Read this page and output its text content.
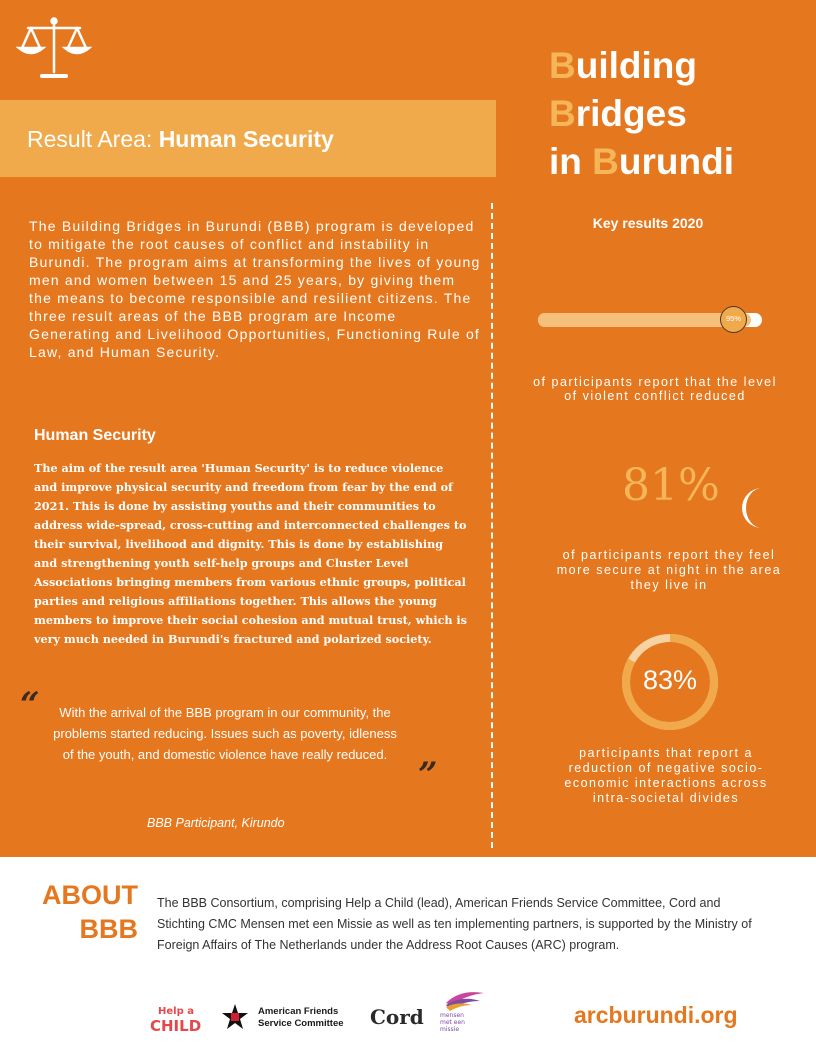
Result Area: Human Security
Building
Bridges
in Burundi
The Building Bridges in Burundi (BBB) program is developed to mitigate the root causes of conflict and instability in Burundi. The program aims at transforming the lives of young men and women between 15 and 25 years, by giving them the means to become responsible and resilient citizens. The three result areas of the BBB program are Income Generating and Livelihood Opportunities, Functioning Rule of Law, and Human Security.
Human Security
The aim of the result area 'Human Security' is to reduce violence and improve physical security and freedom from fear by the end of 2021. This is done by assisting youths and their communities to address wide-spread, cross-cutting and interconnected challenges to their survival, livelihood and dignity. This is done by establishing and strengthening youth self-help groups and Cluster Level Associations bringing members from various ethnic groups, political parties and religious affiliations together. This allows the young members to improve their social cohesion and mutual trust, which is very much needed in Burundi's fractured and polarized society.
“	With the arrival of the BBB program in our community, the problems started reducing. Issues such as poverty, idleness of the youth, and domestic violence have really reduced.
”
BBB Participant, Kirundo
Key results 2020
95%
of participants report that the level of violent conflict reduced
81%
of participants report they feel more secure at night in the area they live in
83%
participants that report a reduction of negative socio-economic interactions across intra-societal divides
ABOUT
BBB
The BBB Consortium, comprising Help a Child (lead), American Friends Service Committee, Cord and Stichting CMC Mensen met een Missie as well as ten implementing partners, is supported by the Ministry of Foreign Affairs of The Netherlands under the Address Root Causes (ARC) program.
Help a
CHILD
American Friends
Service Committee Cord	mensen
met een
missie
arcburundi.org
